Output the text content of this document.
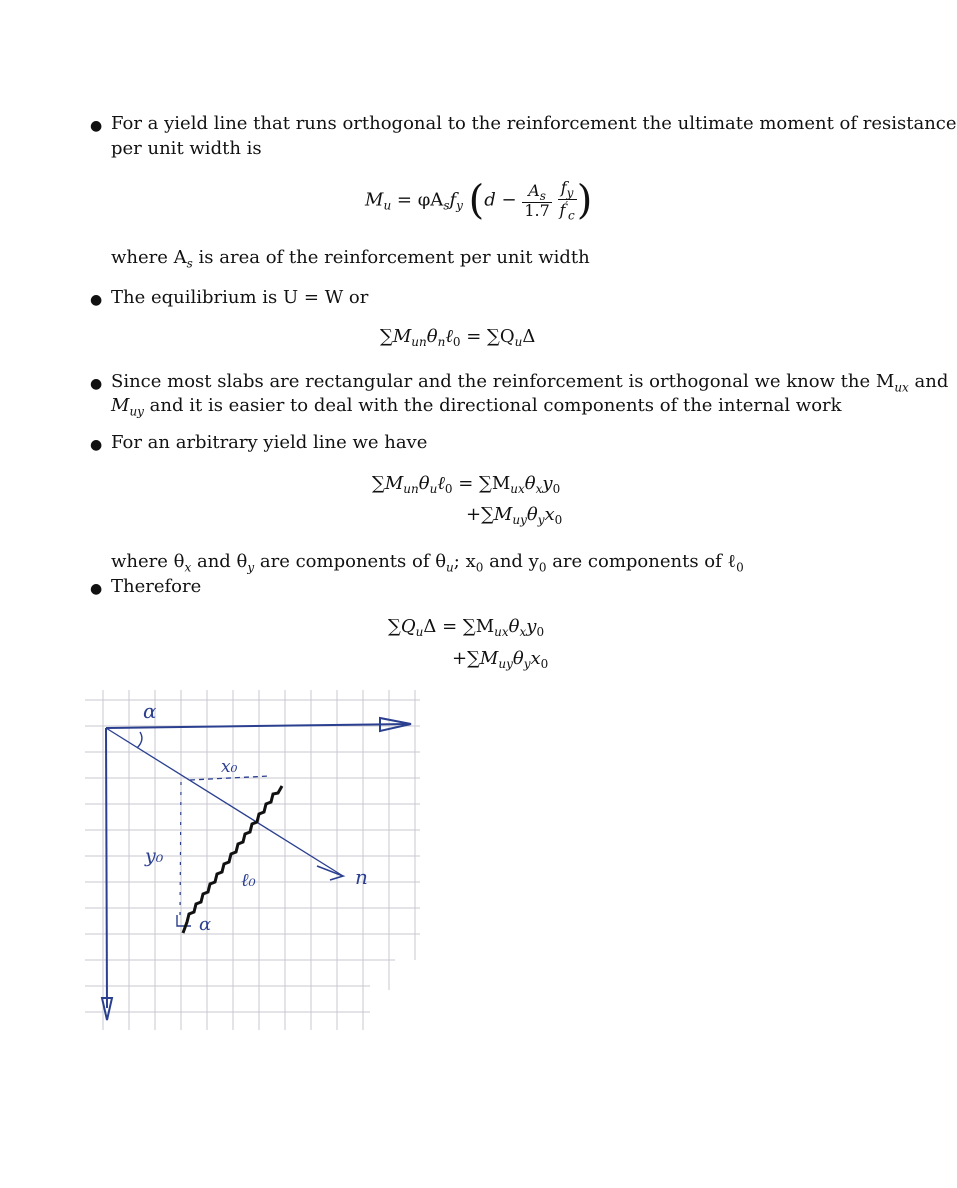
● For a yield line that runs orthogonal to the reinforcement the ultimate moment of resistance
per unit width is
$M_u = \varphi A_sf_y$ ($d - \frac{A_s}{1.7}$
$\frac{f_y}{f'_c}$ )
where $A_s$ is area of the reinforcement per unit width
● The equilibrium is U = W or
$\sum M_{un}\theta_n\ell_0 = \sum Q_u\Delta$
● Since most slabs are rectangular and the reinforcement is orthogonal we know the $M_{ux}$ and
$M_{uy}$ and it is easier to deal with the directional components of the internal work
● For an arbitrary yield line we have
$\sum M_{un}\theta_u\ell_0 = \sum M_{ux}\theta_xy_0$
$+\sum M_{uy}\theta_yx_0$
where $\theta_x$ and $\theta_y$ are components of $\theta_u$; $x_0$ and $y_0$ are components of ℓ$_0$
● Therefore
$\sum Q_u\Delta = \sum M_{ux}\theta_xy_0$
$+\sum M_{uy}\theta_yx_0$
α
x₀
y₀
ℓ₀	n
α
